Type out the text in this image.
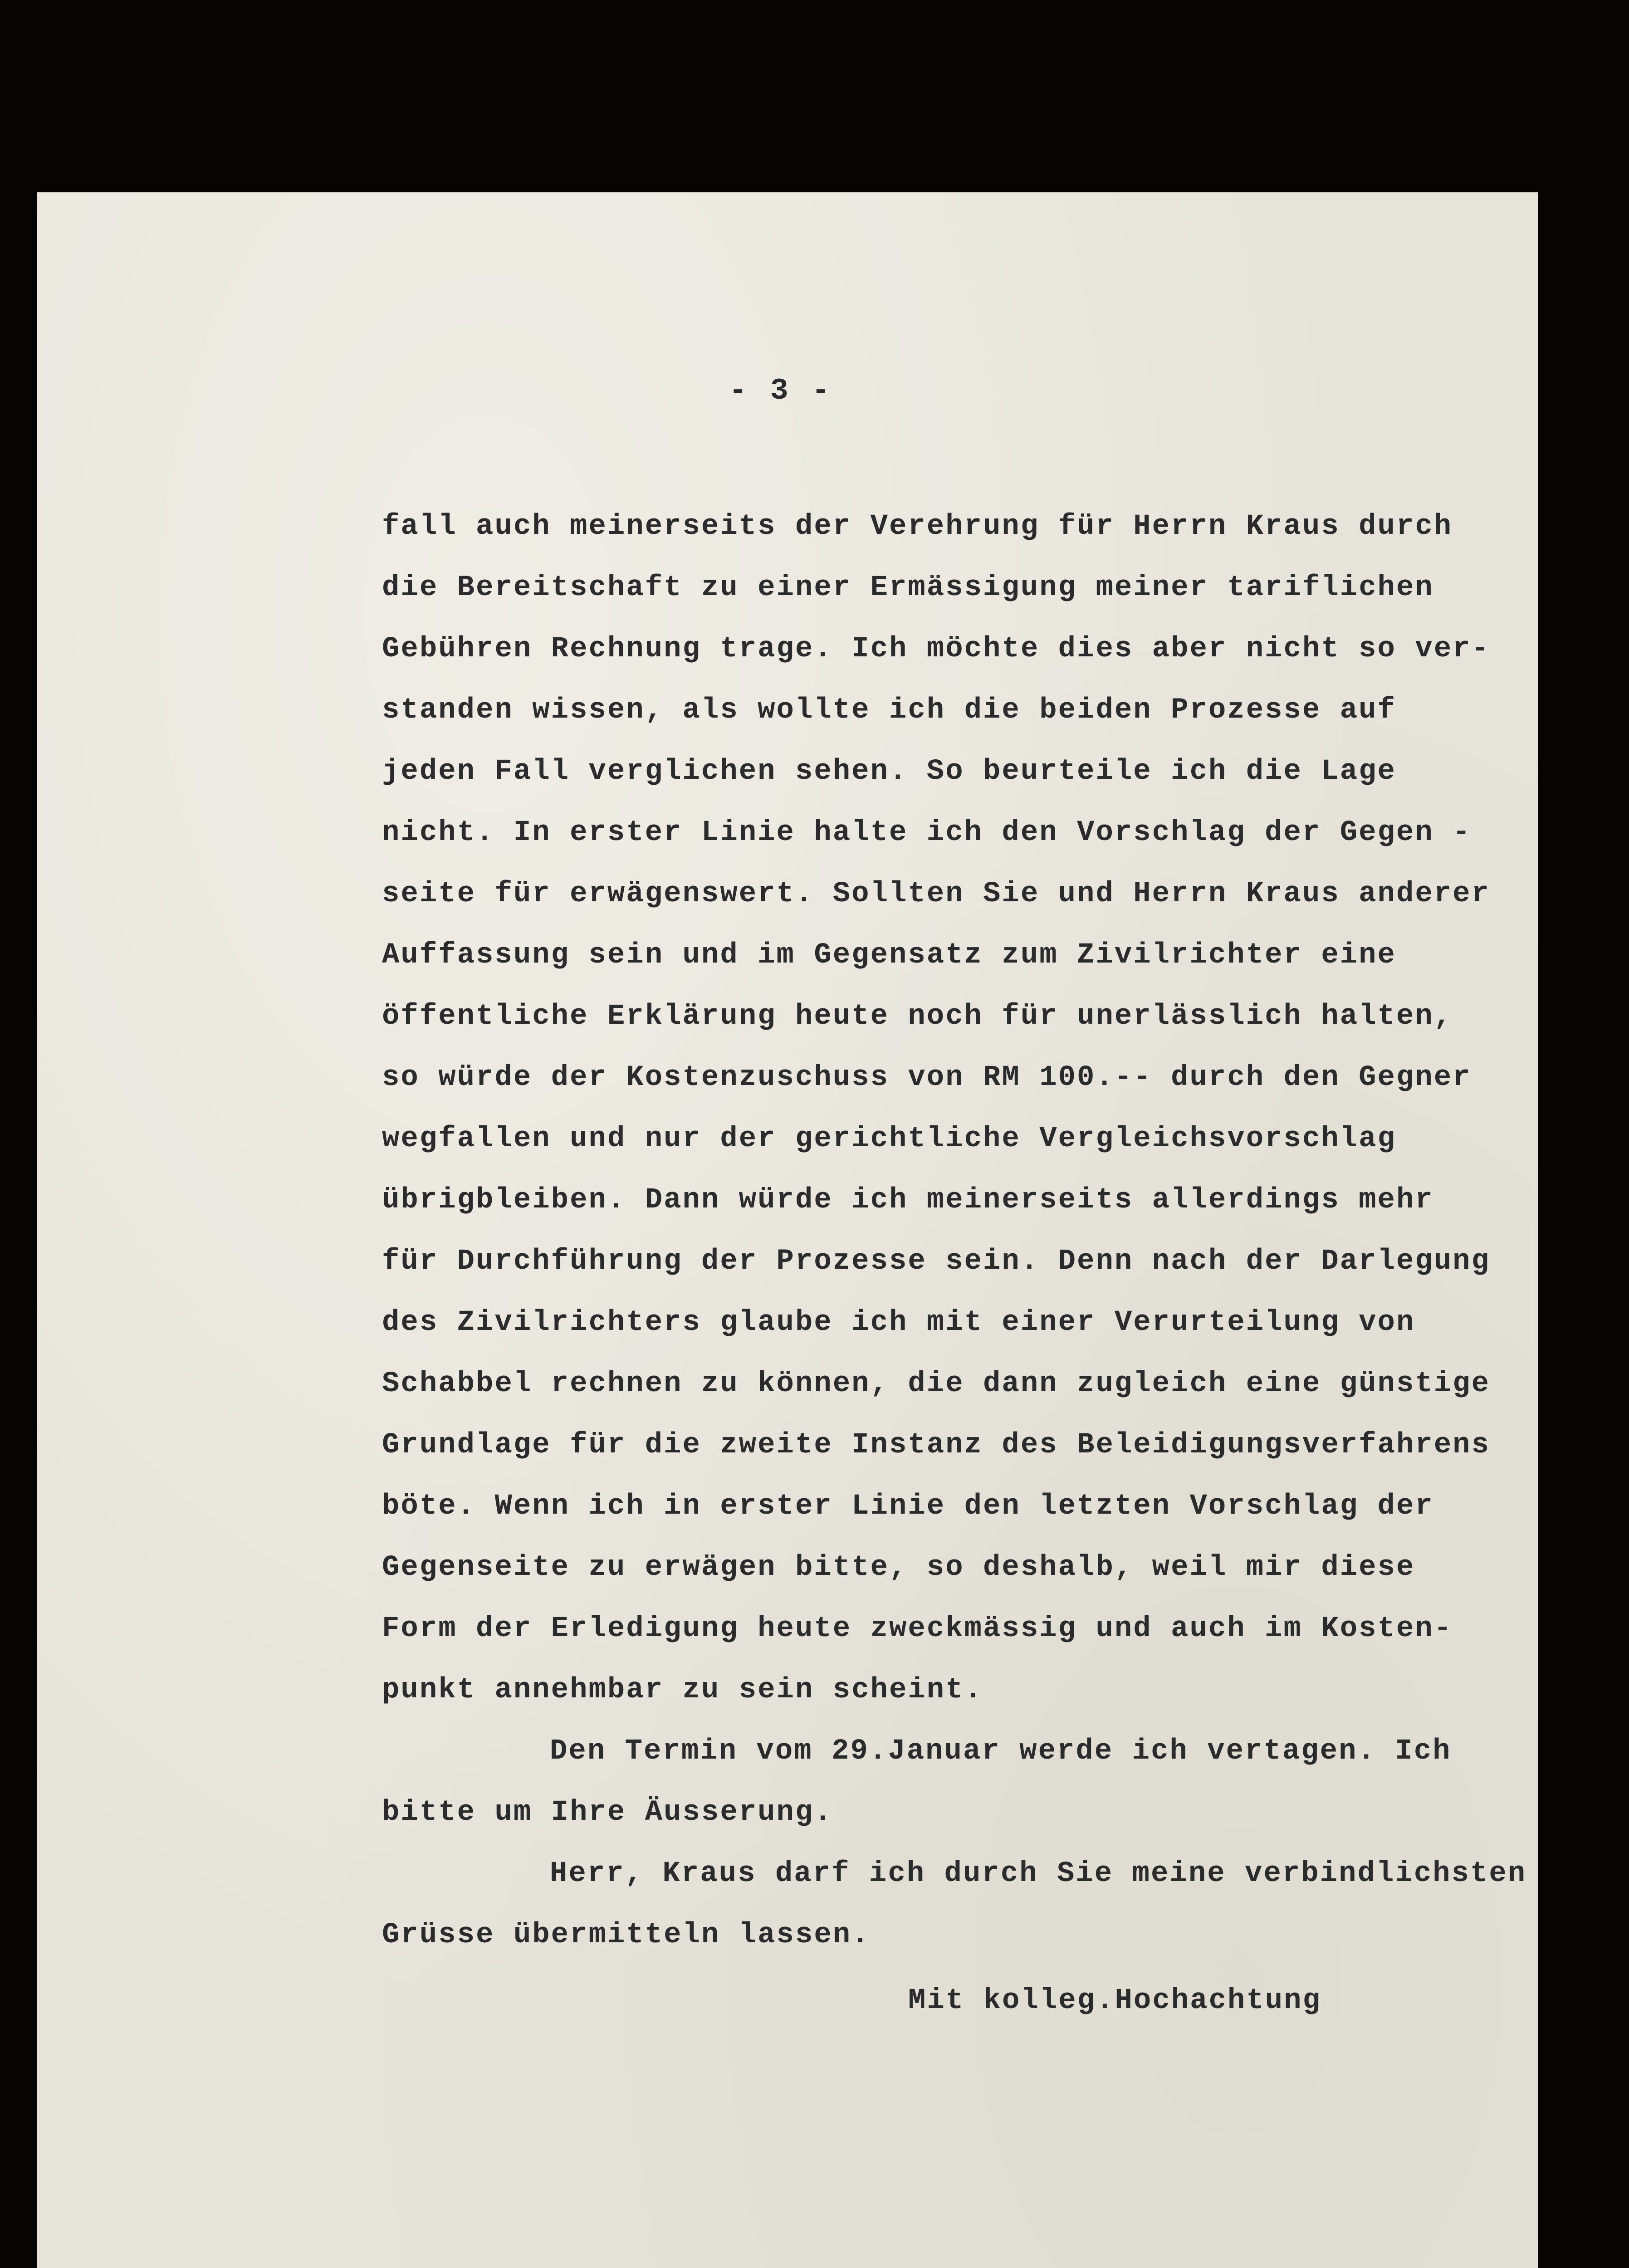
- 3 -
fall auch meinerseits der Verehrung für Herrn Kraus durch
die Bereitschaft zu einer Ermässigung meiner tariflichen
Gebühren Rechnung trage. Ich möchte dies aber nicht so ver-
standen wissen, als wollte ich die beiden Prozesse auf
jeden Fall verglichen sehen. So beurteile ich die Lage
nicht. In erster Linie halte ich den Vorschlag der Gegen -
seite für erwägenswert. Sollten Sie und Herrn Kraus anderer
Auffassung sein und im Gegensatz zum Zivilrichter eine
öffentliche Erklärung heute noch für unerlässlich halten,
so würde der Kostenzuschuss von RM 100.-- durch den Gegner
wegfallen und nur der gerichtliche Vergleichsvorschlag
übrigbleiben. Dann würde ich meinerseits allerdings mehr
für Durchführung der Prozesse sein. Denn nach der Darlegung
des Zivilrichters glaube ich mit einer Verurteilung von
Schabbel rechnen zu können, die dann zugleich eine günstige
Grundlage für die zweite Instanz des Beleidigungsverfahrens
böte. Wenn ich in erster Linie den letzten Vorschlag der
Gegenseite zu erwägen bitte, so deshalb, weil mir diese
Form der Erledigung heute zweckmässig und auch im Kosten-
punkt annehmbar zu sein scheint.
Den Termin vom 29.Januar werde ich vertagen. Ich
bitte um Ihre Äusserung.
Herr, Kraus darf ich durch Sie meine verbindlichsten
Grüsse übermitteln lassen.
Mit kolleg.Hochachtung
